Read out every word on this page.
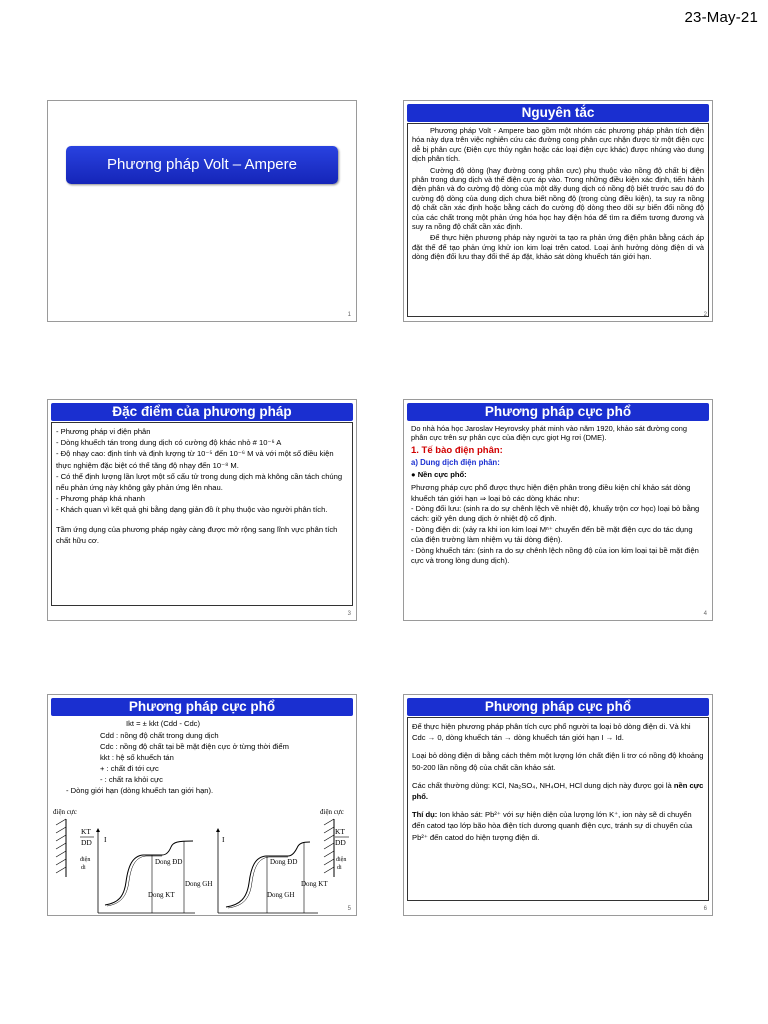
23-May-21
Phương pháp Volt – Ampere
1
Nguyên tắc

Phương pháp Volt - Ampere bao gồm một nhóm các phương pháp phân tích điện hóa này dựa trên việc nghiên cứu các đường cong phân cực nhận được từ một điện cực dễ bị phân cực (Điện cực thủy ngân hoặc các loại điện cực khác) được nhúng vào dung dịch phân tích.

Cường độ dòng (hay đường cong phân cực) phụ thuộc vào nồng độ chất bị điện phân trong dung dịch và thế điện cực áp vào. Trong những điều kiện xác định, tiến hành điện phân và đo cường độ dòng của một dãy dung dịch có nồng độ biết trước sau đó đo cường độ dòng của dung dịch chưa biết nồng độ (trong cùng điều kiện), ta suy ra nồng độ chất cần xác định hoặc bằng cách đo cường độ dòng theo dõi sự biến đổi nồng độ của các chất trong một phản ứng hóa học hay điện hóa để tìm ra điểm tương đương và suy ra nồng độ chất cần xác định.

Để thực hiện phương pháp này người ta tạo ra phản ứng điện phân bằng cách áp đặt thế để tạo phản ứng khử ion kim loại trên catod. Loại ảnh hưởng dòng điện di và dòng điện đối lưu thay đổi thế áp đặt, khảo sát dòng khuếch tán giới hạn.

2
Đặc điểm của phương pháp

- Phương pháp vi điện phân

- Dòng khuếch tán trong dung dịch có cường độ khác nhỏ # 10⁻⁶ A

- Độ nhạy cao: định tính và định lượng từ 10⁻⁵ đến 10⁻⁶ M và với một số điều kiện thực nghiệm đặc biệt có thể tăng độ nhạy đến 10⁻⁸ M.

- Có thể định lượng lần lượt một số cấu tử trong dung dịch mà không cần tách chúng nếu phản ứng này không gây phản ứng lên nhau.

- Phương pháp khá nhanh

- Khách quan vì kết quả ghi bằng dạng giản đồ ít phụ thuộc vào người phân tích.

Tầm ứng dụng của phương pháp ngày càng được mở rộng sang lĩnh vực phân tích chất hữu cơ.

3
Phương pháp cực phổ

Do nhà hóa học Jaroslav Heyrovsky phát minh vào năm 1920, khảo sát đường cong phân cực trên sự phân cực của điện cực giọt Hg rơi (DME).

1. Tế bào điện phân:

a) Dung dịch điện phân:

● Nền cực phổ:

Phương pháp cực phổ được thực hiện điện phân trong điều kiện chỉ khảo sát dòng khuếch tán giới hạn ⇒ loại bỏ các dòng khác như:

- Dòng đối lưu: (sinh ra do sự chênh lệch về nhiệt độ, khuấy trộn cơ học) loại bỏ bằng cách: giữ yên dung dịch ở nhiệt độ cố định.

- Dòng điện di: (xảy ra khi ion kim loại Mⁿ⁺ chuyển đến bề mặt điện cực do tác dụng của điện trường làm nhiệm vụ tải dòng điện).

- Dòng khuếch tán: (sinh ra do sự chênh lệch nồng độ của ion kim loại tại bề mặt điện cực và trong lòng dung dịch).

4
Phương pháp cực phổ
Ikt = ± kkt (Cdd - Cdc)
Cdd : nồng độ chất trong dung dịch
Cdc : nồng độ chất tại bề mặt điện cực ở từng thời điểm
kkt : hệ số khuếch tán
+ : chất đi tới cực
- : chất ra khỏi cực
- Dòng giới hạn (dòng khuếch tan giới hạn).
điện cực
KT
DD
điện
di
I
Dong ĐD
Dong KT
Dong GH
I
Dong ĐD
Dong GH
Dong KT
điện cực
KT
DD
điện
di
5
Phương pháp cực phổ

Để thực hiện phương pháp phân tích cực phổ người ta loại bỏ dòng điện di. Và khi Cdc → 0, dòng khuếch tán → dòng khuếch tán giới hạn I → Id.

Loại bỏ dòng điện di bằng cách thêm một lượng lớn chất điện li trơ có nồng độ khoảng 50-200 lần nồng độ của chất cần khảo sát.

Các chất thường dùng: KCl, Na₂SO₄, NH₄OH, HCl dung dịch này được gọi là nền cực phổ.

Thí dụ: Ion khảo sát: Pb²⁺ với sự hiện diện của lượng lớn K⁺, ion này sẽ di chuyển đến catod tạo lớp bão hòa điện tích dương quanh điện cực, tránh sự di chuyển của Pb²⁺ đến catod do hiện tượng điện di.

6
